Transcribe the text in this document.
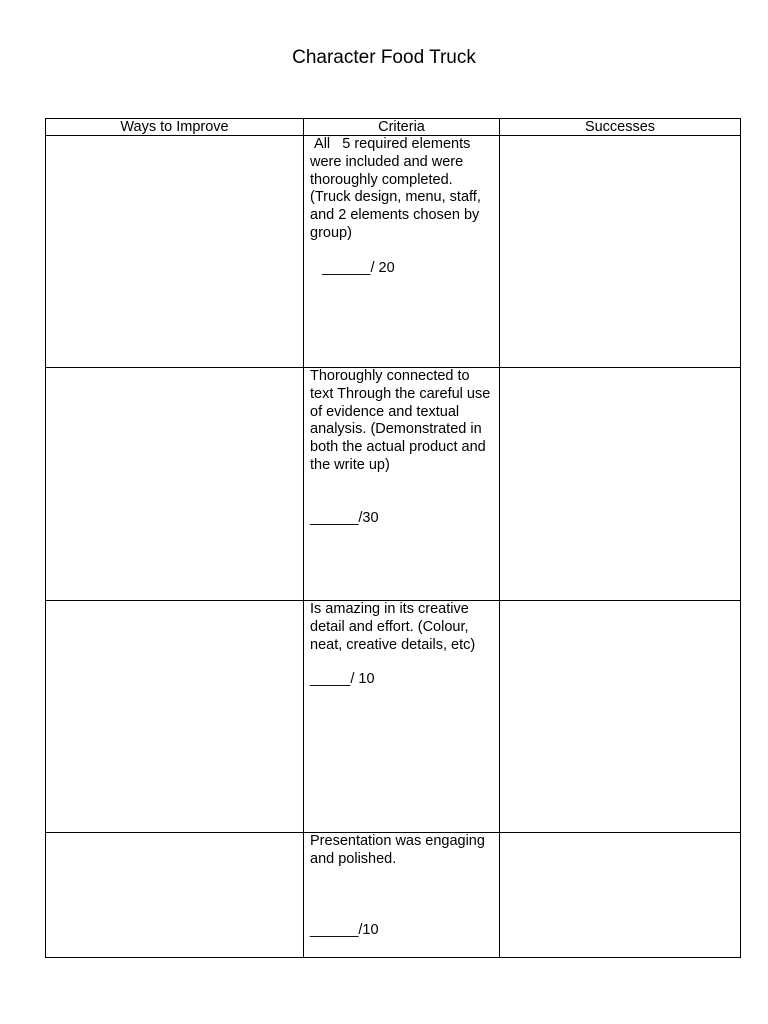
Character Food Truck
Ways to Improve	Criteria	Successes

	All   5 required elements were included and were thoroughly completed. (Truck design, menu, staff, and 2 elements chosen by group)
______/ 20	

	Thoroughly connected to text Through the careful use of evidence and textual analysis. (Demonstrated in both the actual product and the write up)
______/30	

	Is amazing in its creative detail and effort. (Colour, neat, creative details, etc)
_____/ 10	

	Presentation was engaging and polished.
______/10	
